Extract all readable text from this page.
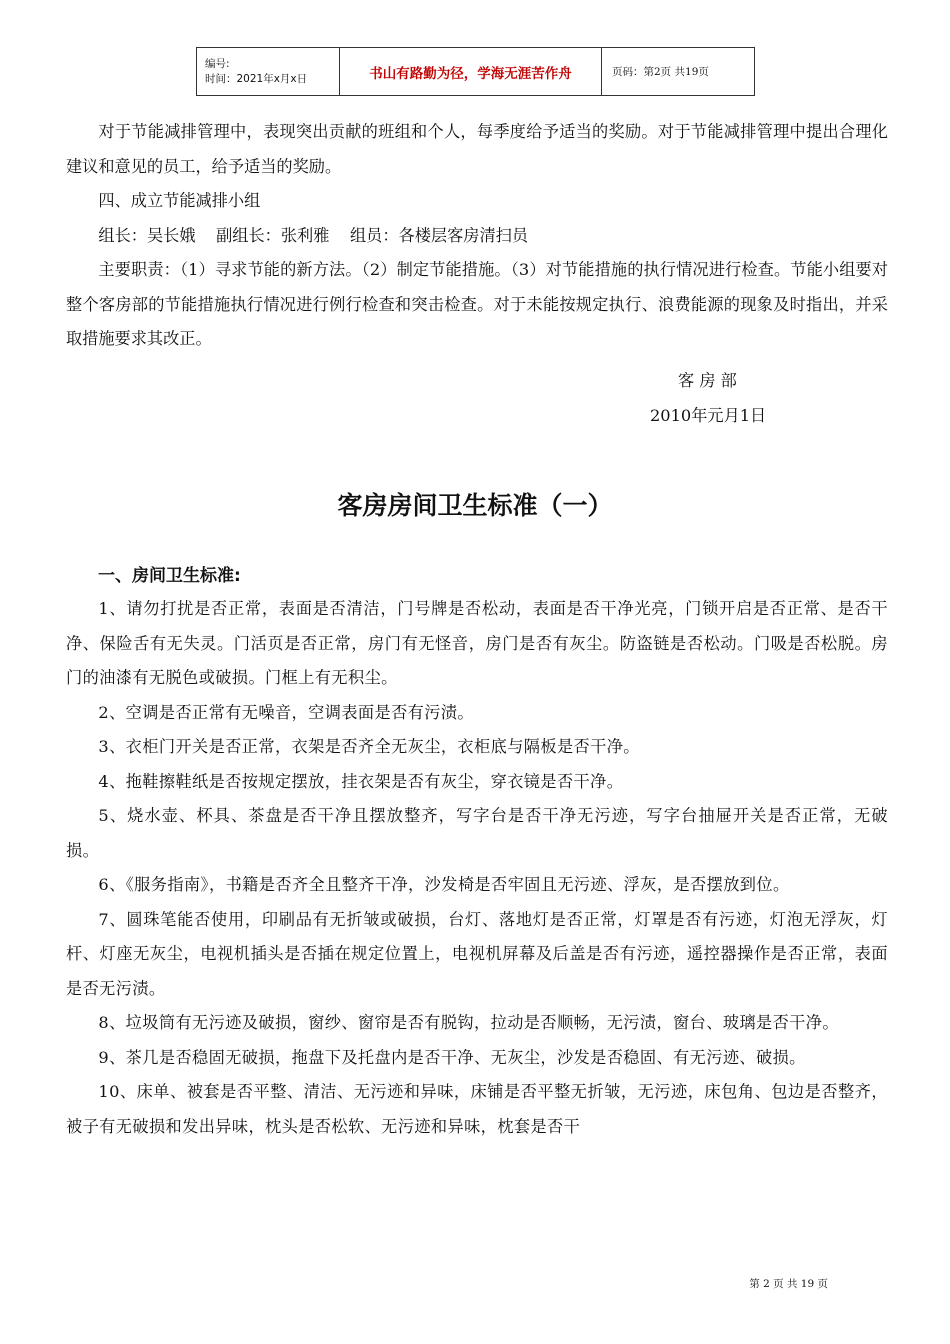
编号:
时间：2021年x月x日	书山有路勤为径，学海无涯苦作舟	页码：第2页 共19页

对于节能减排管理中，表现突出贡献的班组和个人，每季度给予适当的奖励。对于节能减排管理中提出合理化建议和意见的员工，给予适当的奖励。

四、成立节能减排小组

组长：吴长娥    副组长：张利雅    组员：各楼层客房清扫员

主要职责：（1）寻求节能的新方法。（2）制定节能措施。（3）对节能措施的执行情况进行检查。节能小组要对整个客房部的节能措施执行情况进行例行检查和突击检查。对于未能按规定执行、浪费能源的现象及时指出，并采取措施要求其改正。

客 房 部
2010年元月1日
客房房间卫生标准（一）
一、房间卫生标准:

1、请勿打扰是否正常，表面是否清洁，门号牌是否松动，表面是否干净光亮，门锁开启是否正常、是否干净、保险舌有无失灵。门活页是否正常，房门有无怪音，房门是否有灰尘。防盗链是否松动。门吸是否松脱。房门的油漆有无脱色或破损。门框上有无积尘。

2、空调是否正常有无噪音，空调表面是否有污渍。

3、衣柜门开关是否正常，衣架是否齐全无灰尘，衣柜底与隔板是否干净。

4、拖鞋擦鞋纸是否按规定摆放，挂衣架是否有灰尘，穿衣镜是否干净。

5、烧水壶、杯具、茶盘是否干净且摆放整齐，写字台是否干净无污迹，写字台抽屉开关是否正常，无破损。

6、《服务指南》，书籍是否齐全且整齐干净，沙发椅是否牢固且无污迹、浮灰，是否摆放到位。

7、圆珠笔能否使用，印刷品有无折皱或破损，台灯、落地灯是否正常，灯罩是否有污迹，灯泡无浮灰，灯杆、灯座无灰尘，电视机插头是否插在规定位置上，电视机屏幕及后盖是否有污迹，遥控器操作是否正常，表面是否无污渍。

8、垃圾筒有无污迹及破损，窗纱、窗帘是否有脱钩，拉动是否顺畅，无污渍，窗台、玻璃是否干净。

9、茶几是否稳固无破损，拖盘下及托盘内是否干净、无灰尘，沙发是否稳固、有无污迹、破损。

10、床单、被套是否平整、清洁、无污迹和异味，床铺是否平整无折皱，无污迹，床包角、包边是否整齐，被子有无破损和发出异味，枕头是否松软、无污迹和异味，枕套是否干

第 2 页 共 19 页
